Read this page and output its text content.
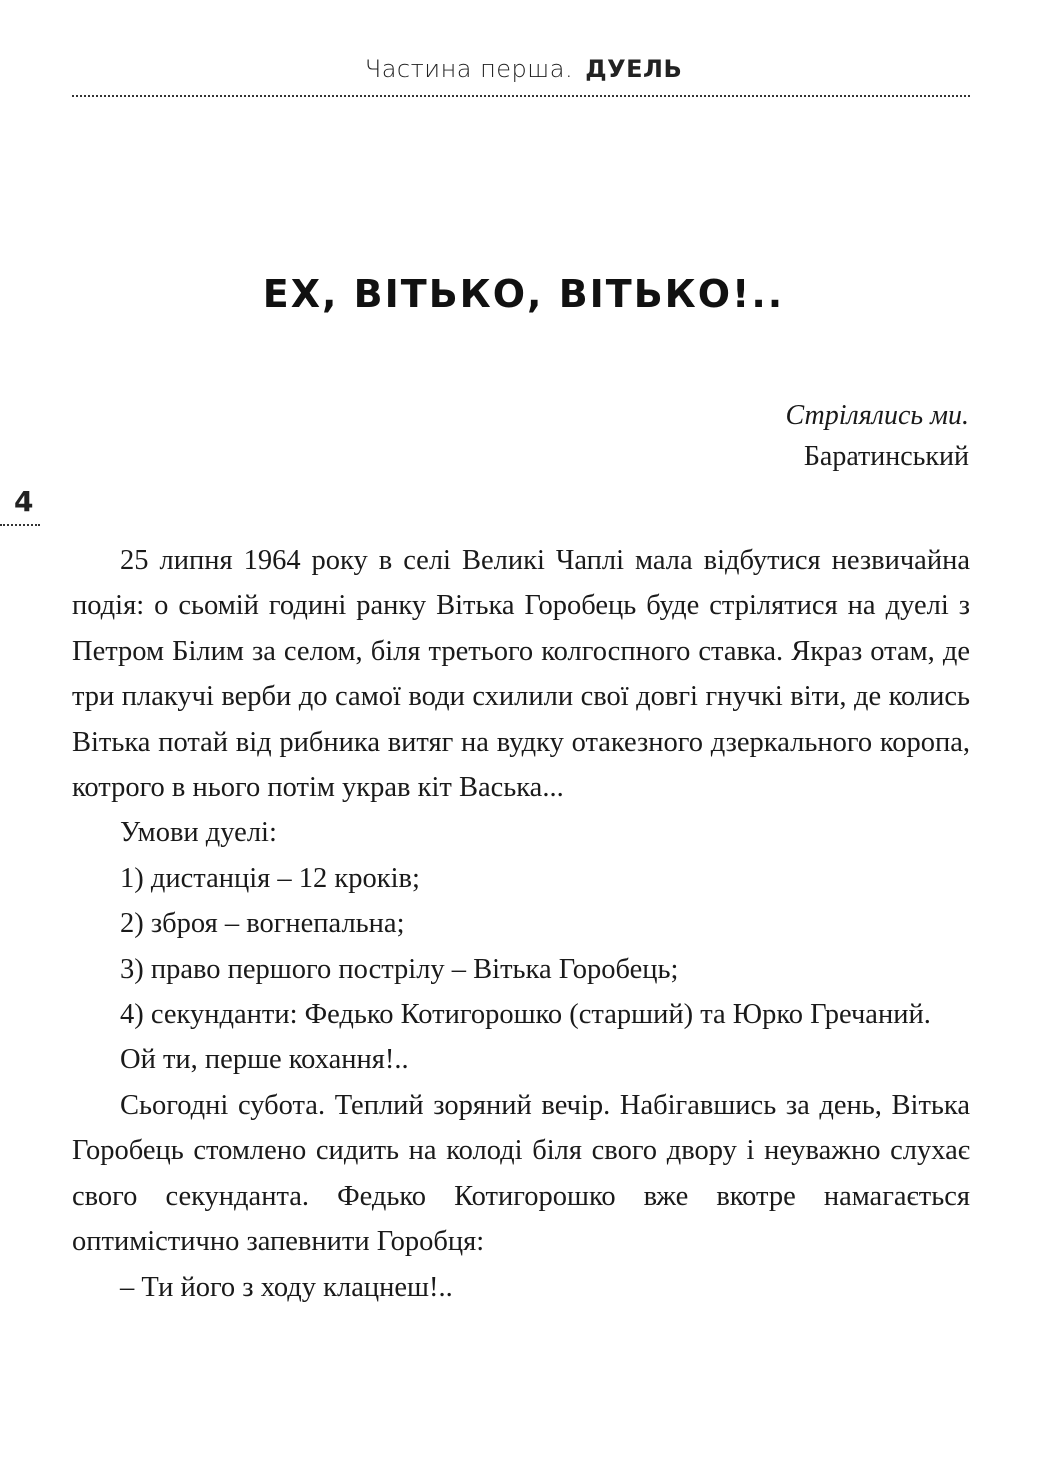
Частина перша. ДУЕЛЬ
ЕХ, ВІТЬКО, ВІТЬКО!..
Стрілялись ми.
Баратинський
4

25 липня 1964 року в селі Великі Чаплі мала відбутися незвичайна подія: о сьомій годині ранку Вітька Горобець буде стрілятися на дуелі з Петром Білим за селом, біля третього колгоспного ставка. Якраз отам, де три плакучі верби до самої води схилили свої довгі гнучкі віти, де колись Вітька потай від рибника витяг на вудку отакезного дзеркального коропа, котрого в нього потім украв кіт Васька...

Умови дуелі:

1) дистанція – 12 кроків;

2) зброя – вогнепальна;

3) право першого пострілу – Вітька Горобець;

4) секунданти: Федько Котигорошко (старший) та Юрко Гречаний.

Ой ти, перше кохання!..

Сьогодні субота. Теплий зоряний вечір. Набігавшись за день, Вітька Горобець стомлено сидить на колоді біля свого двору і неуважно слухає свого секунданта. Федько Котигорошко вже вкотре намагається оптимістично запевнити Горобця:

– Ти його з ходу клацнеш!..
